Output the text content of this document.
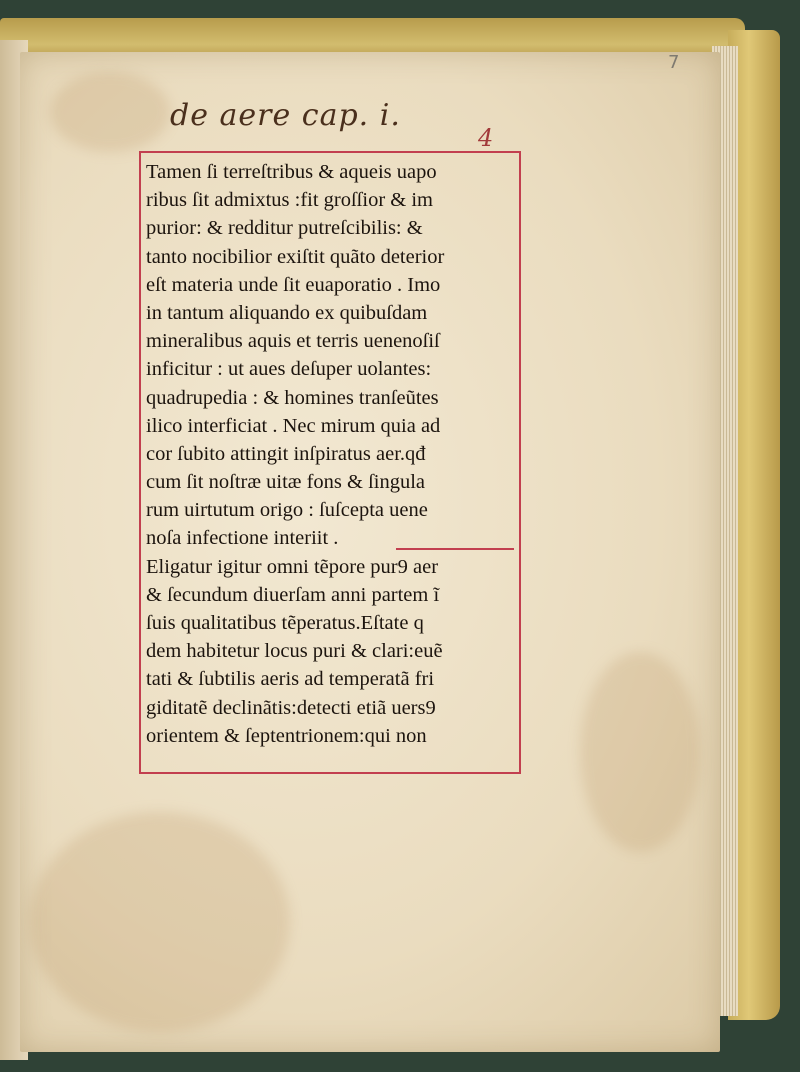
7
de aere cap. i.
4
Tamen ſi terreſtribus & aqueis uapo
ribus ſit admixtus :fit groſſior & im
purior: & redditur putreſcibilis: &
tanto nocibilior exiſtit quãto deterior
eſt materia unde ſit euaporatio . Imo
in tantum aliquando ex quibuſdam
mineralibus aquis et terris uenenoſiſ
inficitur : ut aues deſuper uolantes:
quadrupedia : & homines tranſeũtes
ilico interficiat . Nec mirum quia ad
cor ſubito attingit inſpiratus aer.qđ
cum ſit noſtræ uitæ fons & ſingula
rum uirtutum origo : ſuſcepta uene
noſa infectione interiit .
Eligatur igitur omni tẽpore pur9 aer
& ſecundum diuerſam anni partem ĩ
ſuis qualitatibus tẽperatus.Eſtate q
dem habitetur locus puri & clari:euẽ
tati & ſubtilis aeris ad temperatã fri
giditatẽ declinãtis:detecti etiã uers9
orientem & ſeptentrionem:qui non
